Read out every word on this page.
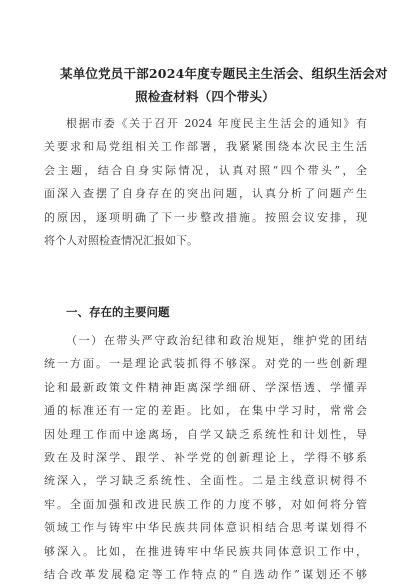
某单位党员干部2024年度专题民主生活会、组织生活会对
照检查材料（四个带头）
根据市委《关于召开 2024 年度民主生活会的通知》有
关要求和局党组相关工作部署，我紧紧围绕本次民主生活
会主题，结合自身实际情况，认真对照“四个带头”，全
面深入查摆了自身存在的突出问题，认真分析了问题产生
的原因，逐项明确了下一步整改措施。按照会议安排，现
将个人对照检查情况汇报如下。
一、存在的主要问题
（一）在带头严守政治纪律和政治规矩，维护党的团结
统一方面。一是理论武装抓得不够深。对党的一些创新理
论和最新政策文件精神距离深学细研、学深悟透、学懂弄
通的标准还有一定的差距。比如，在集中学习时，常常会
因处理工作而中途离场，自学又缺乏系统性和计划性，导
致在及时深学、跟学、补学党的创新理论上，学得不够系
统深入，学习缺乏系统性、全面性。二是主线意识树得不
牢。全面加强和改进民族工作的力度不够，对如何将分管
领域工作与铸牢中华民族共同体意识相结合思考谋划得不
够深入。比如，在推进铸牢中华民族共同体意识工作中，
结合改革发展稳定等工作特点的“自选动作”谋划还不够
